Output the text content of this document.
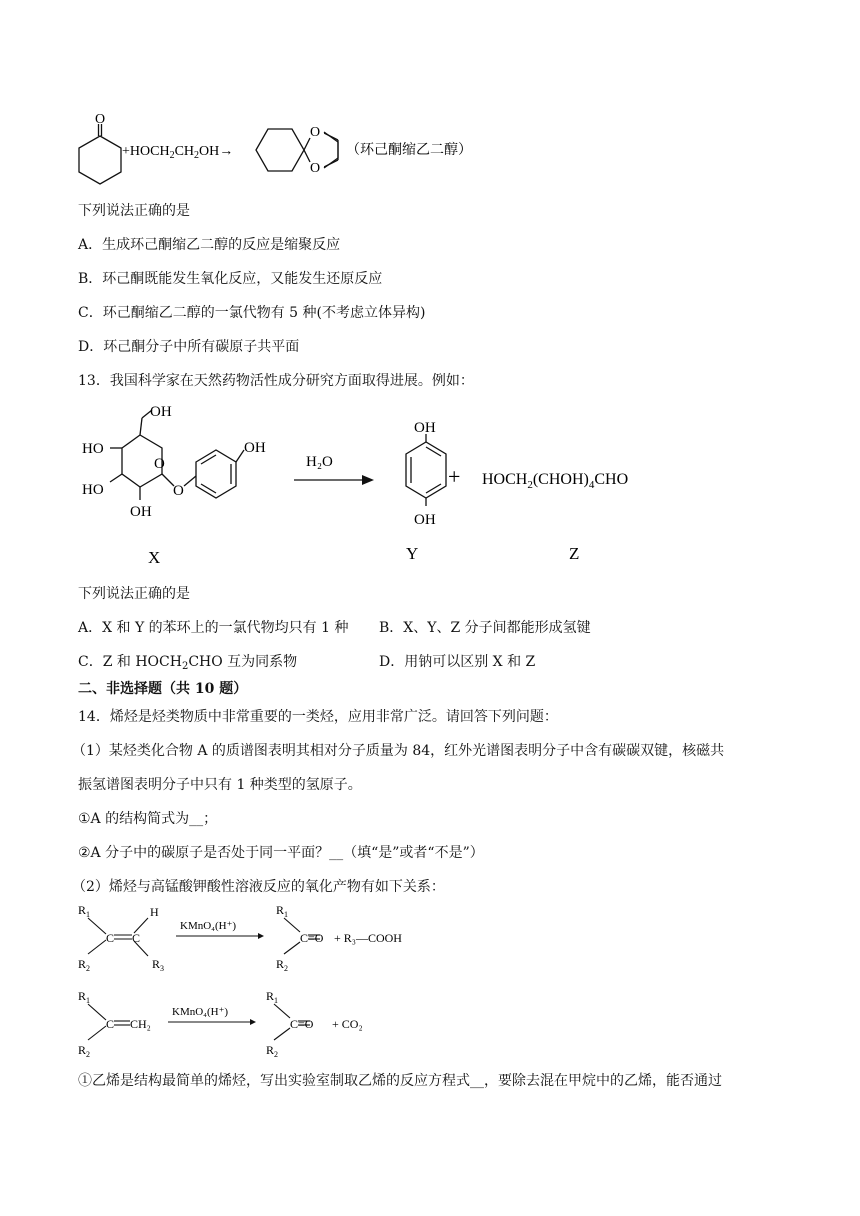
O
$+HOCH_2CH_2OH\to$
O
O
（环己酮缩乙二醇）
下列说法正确的是
A．生成环己酮缩乙二醇的反应是缩聚反应
B．环己酮既能发生氧化反应，又能发生还原反应
C．环己酮缩乙二醇的一氯代物有 5 种(不考虑立体异构)
D．环己酮分子中所有碳原子共平面
13．我国科学家在天然药物活性成分研究方面取得进展。例如：
OH
HO
HO
OH
O
OH
O	H₂O
OH
OH
+ $HOCH_2(CHOH)_4CHO$
X	Y	Z
下列说法正确的是
A．X 和 Y 的苯环上的一氯代物均只有 1 种 B．X、Y、Z 分子间都能形成氢键
C．Z 和 $HOCH_2CHO$ 互为同系物	D．用钠可以区别 X 和 Z
二、非选择题（共 10 题）
14．烯烃是烃类物质中非常重要的一类烃，应用非常广泛。请回答下列问题：
（1）某烃类化合物 A 的质谱图表明其相对分子质量为 84，红外光谱图表明分子中含有碳碳双键，核磁共
振氢谱图表明分子中只有 1 种类型的氢原子。
①A 的结构简式为__；
②A 分子中的碳原子是否处于同一平面？__（填“是”或者“不是”）
（2）烯烃与高锰酸钾酸性溶液反应的氧化产物有如下关系：
$R_1$	H
C C
$R_2$	$R_3$
KMnO₄(H⁺)
$R_1$
$R_2$
C=O + R₃—COOH
$R_1$
C CH₂
$R_2$
KMnO₄(H⁺)
$R_1$
$R_2$
C=O + CO₂
①乙烯是结构最简单的烯烃，写出实验室制取乙烯的反应方程式__，要除去混在甲烷中的乙烯，能否通过
